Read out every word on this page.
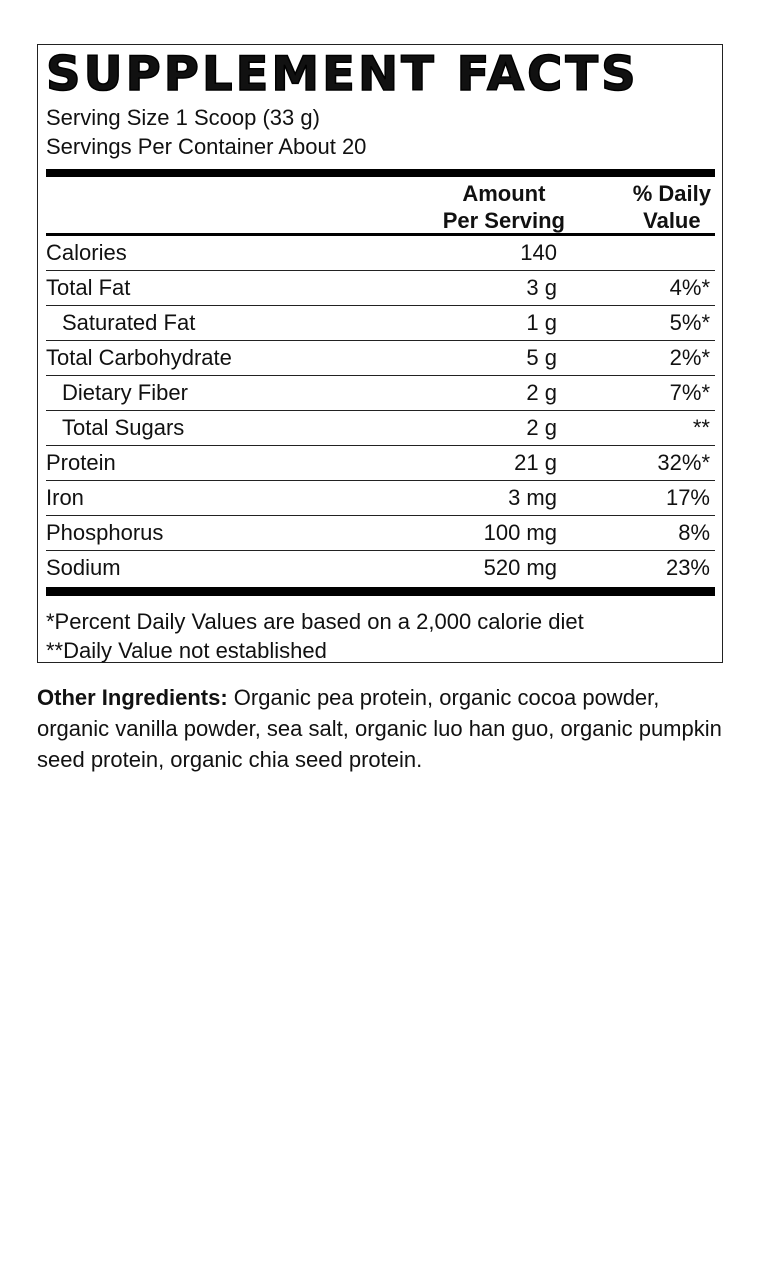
SUPPLEMENT FACTS
Serving Size 1 Scoop (33 g)
Servings Per Container About 20
Amount
Per Serving
% Daily
Value
Calories	140
Total Fat	3 g	4%*
Saturated Fat	1 g	5%*
Total Carbohydrate	5 g	2%*
Dietary Fiber	2 g	7%*
Total Sugars	2 g	**
Protein	21 g	32%*
Iron	3 mg	17%
Phosphorus	100 mg	8%
Sodium	520 mg	23%
*Percent Daily Values are based on a 2,000 calorie diet
**Daily Value not established
Other Ingredients: Organic pea protein, organic cocoa powder, organic vanilla powder, sea salt, organic luo han guo, organic pumpkin seed protein, organic chia seed protein.
